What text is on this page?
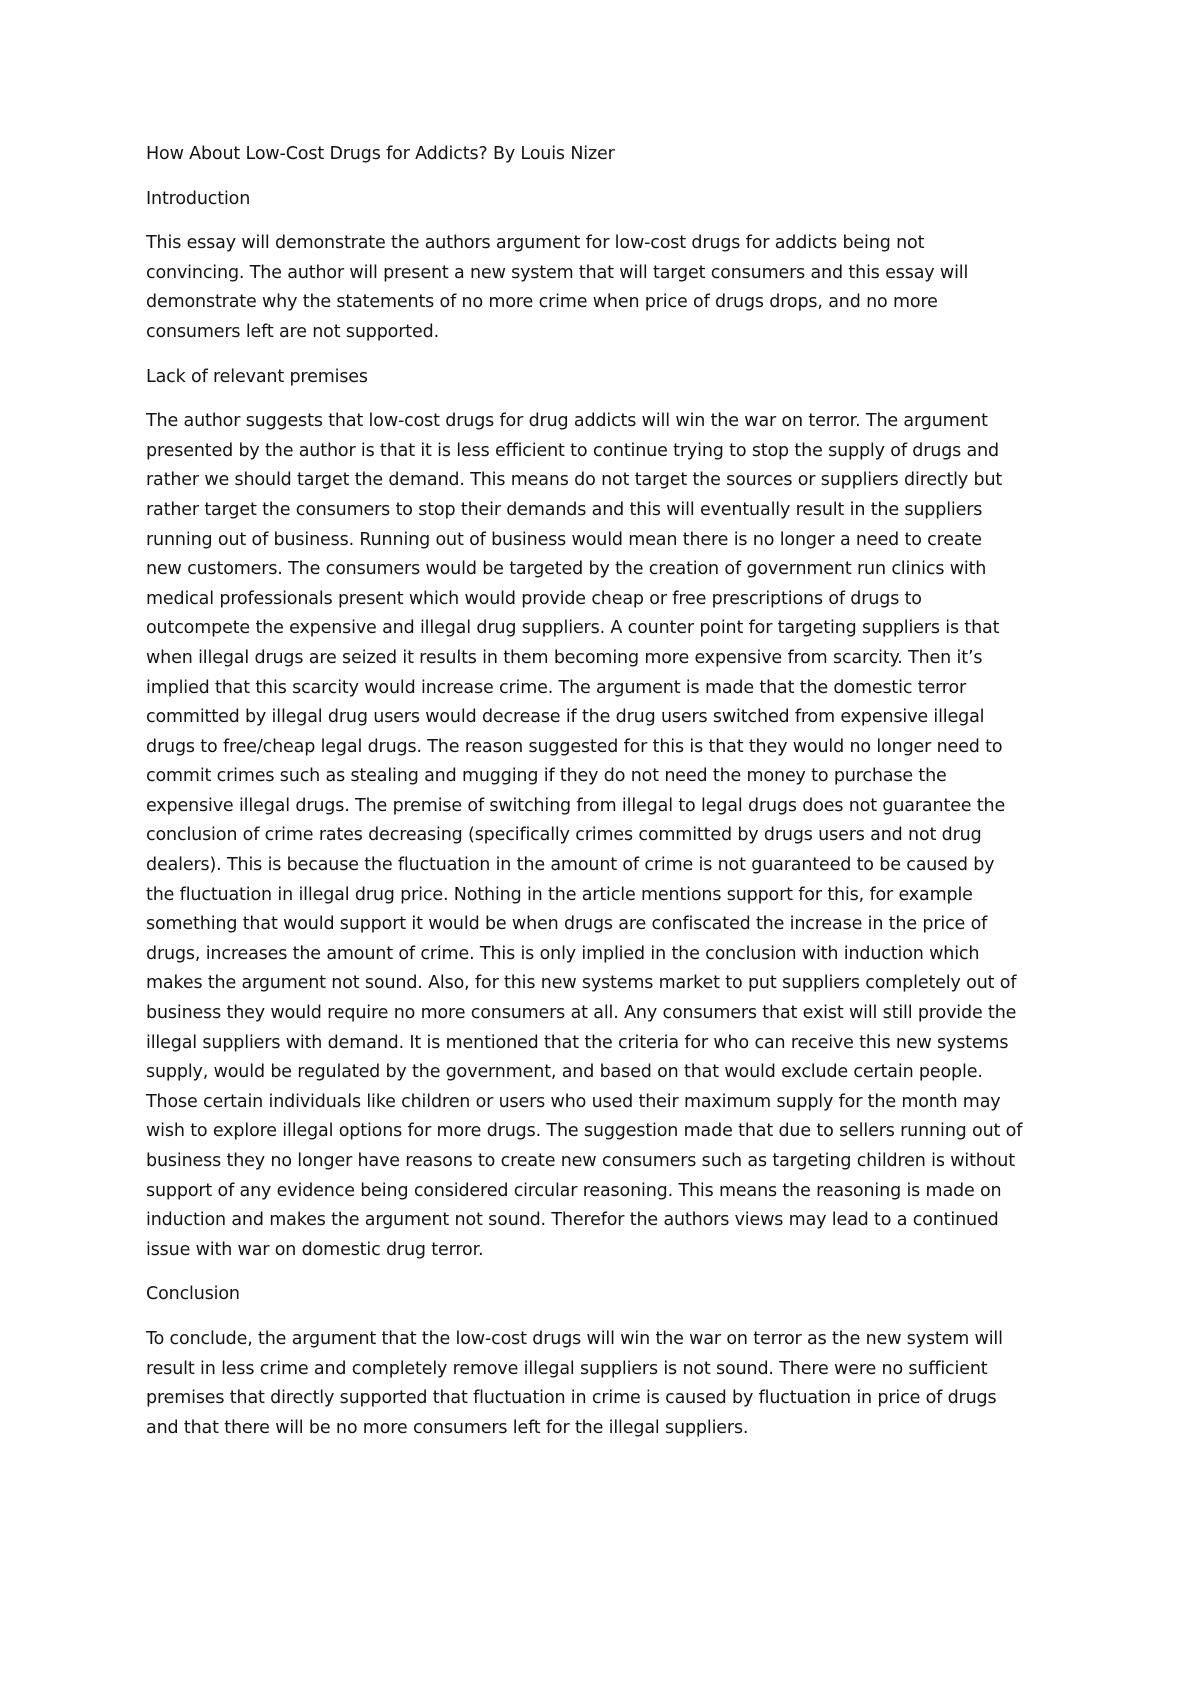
How About Low-Cost Drugs for Addicts? By Louis Nizer
Introduction
This essay will demonstrate the authors argument for low-cost drugs for addicts being not
convincing. The author will present a new system that will target consumers and this essay will
demonstrate why the statements of no more crime when price of drugs drops, and no more
consumers left are not supported.
Lack of relevant premises
The author suggests that low-cost drugs for drug addicts will win the war on terror. The argument
presented by the author is that it is less efficient to continue trying to stop the supply of drugs and
rather we should target the demand. This means do not target the sources or suppliers directly but
rather target the consumers to stop their demands and this will eventually result in the suppliers
running out of business. Running out of business would mean there is no longer a need to create
new customers. The consumers would be targeted by the creation of government run clinics with
medical professionals present which would provide cheap or free prescriptions of drugs to
outcompete the expensive and illegal drug suppliers. A counter point for targeting suppliers is that
when illegal drugs are seized it results in them becoming more expensive from scarcity. Then it’s
implied that this scarcity would increase crime. The argument is made that the domestic terror
committed by illegal drug users would decrease if the drug users switched from expensive illegal
drugs to free/cheap legal drugs. The reason suggested for this is that they would no longer need to
commit crimes such as stealing and mugging if they do not need the money to purchase the
expensive illegal drugs. The premise of switching from illegal to legal drugs does not guarantee the
conclusion of crime rates decreasing (specifically crimes committed by drugs users and not drug
dealers). This is because the fluctuation in the amount of crime is not guaranteed to be caused by
the fluctuation in illegal drug price. Nothing in the article mentions support for this, for example
something that would support it would be when drugs are confiscated the increase in the price of
drugs, increases the amount of crime. This is only implied in the conclusion with induction which
makes the argument not sound. Also, for this new systems market to put suppliers completely out of
business they would require no more consumers at all. Any consumers that exist will still provide the
illegal suppliers with demand. It is mentioned that the criteria for who can receive this new systems
supply, would be regulated by the government, and based on that would exclude certain people.
Those certain individuals like children or users who used their maximum supply for the month may
wish to explore illegal options for more drugs. The suggestion made that due to sellers running out of
business they no longer have reasons to create new consumers such as targeting children is without
support of any evidence being considered circular reasoning. This means the reasoning is made on
induction and makes the argument not sound. Therefor the authors views may lead to a continued
issue with war on domestic drug terror.
Conclusion
To conclude, the argument that the low-cost drugs will win the war on terror as the new system will
result in less crime and completely remove illegal suppliers is not sound. There were no sufficient
premises that directly supported that fluctuation in crime is caused by fluctuation in price of drugs
and that there will be no more consumers left for the illegal suppliers.
